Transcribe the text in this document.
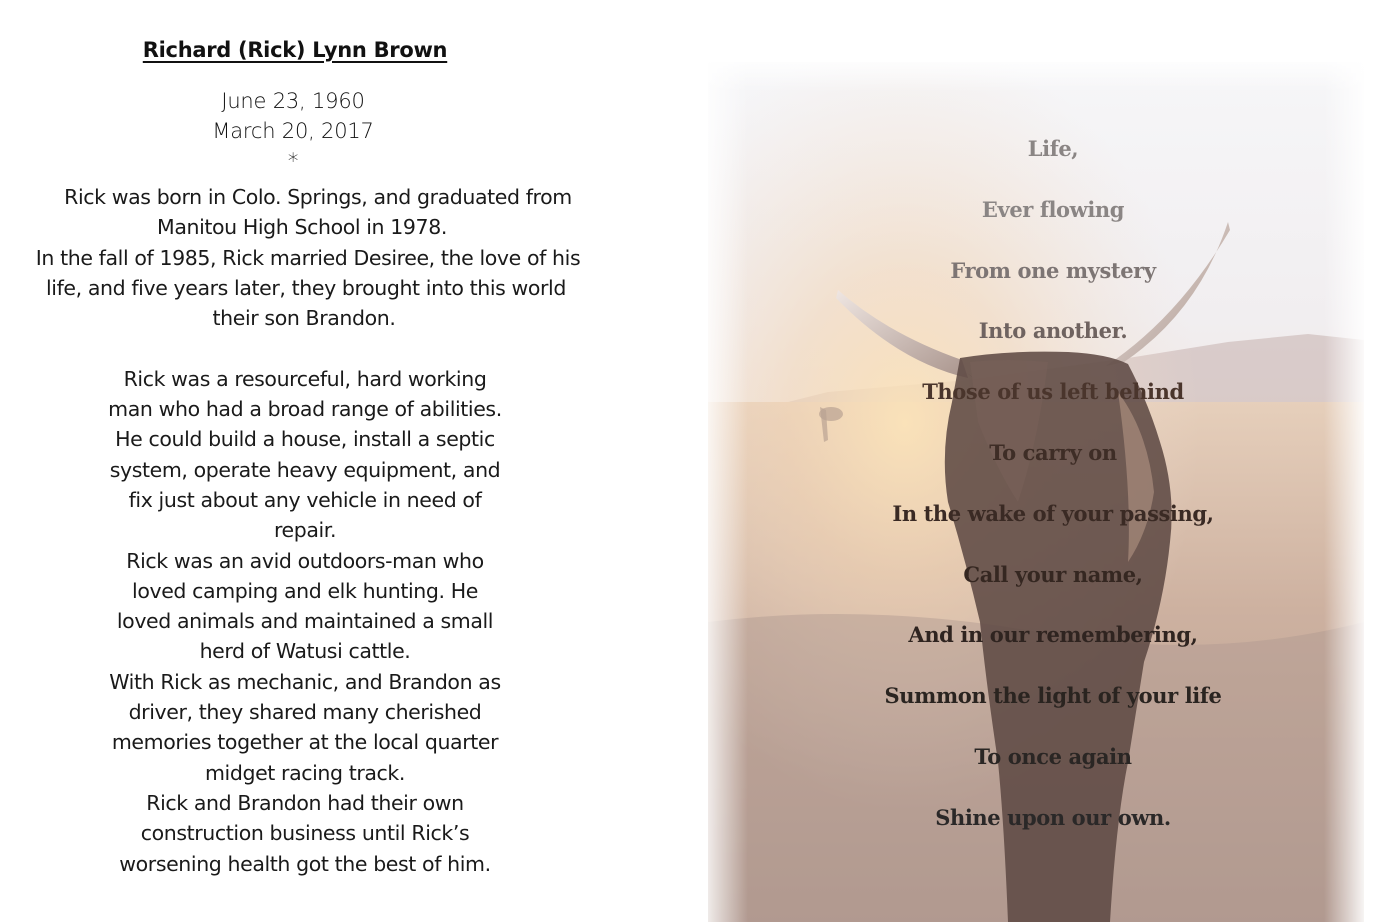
Richard (Rick) Lynn Brown
June 23, 1960
March 20, 2017
*
Rick was born in Colo. Springs, and graduated from
Manitou High School in 1978.
In the fall of 1985, Rick married Desiree, the love of his
life, and five years later, they brought into this world
their son Brandon.
Rick was a resourceful, hard working
man who had a broad range of abilities.
He could build a house, install a septic
system, operate heavy equipment, and
fix just about any vehicle in need of
repair.
Rick was an avid outdoors-man who
loved camping and elk hunting. He
loved animals and maintained a small
herd of Watusi cattle.
With Rick as mechanic, and Brandon as
driver, they shared many cherished
memories together at the local quarter
midget racing track.
Rick and Brandon had their own
construction business until Rick’s
worsening health got the best of him.
Life,
Ever flowing
From one mystery
Into another.
Those of us left behind
To carry on
In the wake of your passing,
Call your name,
And in our remembering,
Summon the light of your life
To once again
Shine upon our own.
